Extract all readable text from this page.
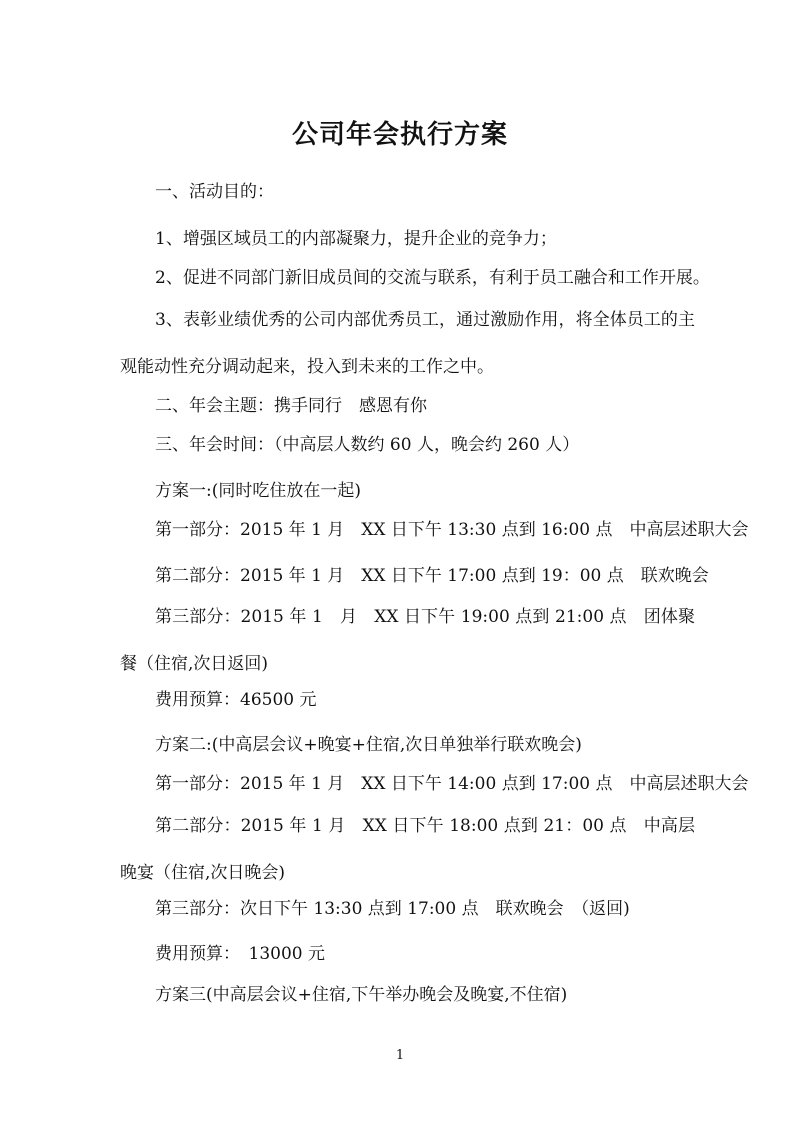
公司年会执行方案
一、活动目的：
1、增强区域员工的内部凝聚力，提升企业的竞争力；
2、促进不同部门新旧成员间的交流与联系，有利于员工融合和工作开展。
3、表彰业绩优秀的公司内部优秀员工，通过激励作用，将全体员工的主观能动性充分调动起来，投入到未来的工作之中。
二、年会主题：携手同行　感恩有你
三、年会时间：（中高层人数约 60 人，晚会约 260 人）
方案一:(同时吃住放在一起)
第一部分：2015 年 1 月　XX 日下午 13:30 点到 16:00 点　中高层述职大会
第二部分：2015 年 1 月　XX 日下午 17:00 点到 19：00 点　联欢晚会
第三部分：2015 年 1　月　XX 日下午 19:00 点到 21:00 点　团体聚餐（住宿,次日返回)
费用预算：46500 元
方案二:(中高层会议+晚宴+住宿,次日单独举行联欢晚会)
第一部分：2015 年 1 月　XX 日下午 14:00 点到 17:00 点　中高层述职大会
第二部分：2015 年 1 月　XX 日下午 18:00 点到 21：00 点　中高层晚宴（住宿,次日晚会)
第三部分：次日下午 13:30 点到 17:00 点　联欢晚会　（返回)
费用预算：　13000 元
方案三(中高层会议+住宿,下午举办晚会及晚宴,不住宿)
1
